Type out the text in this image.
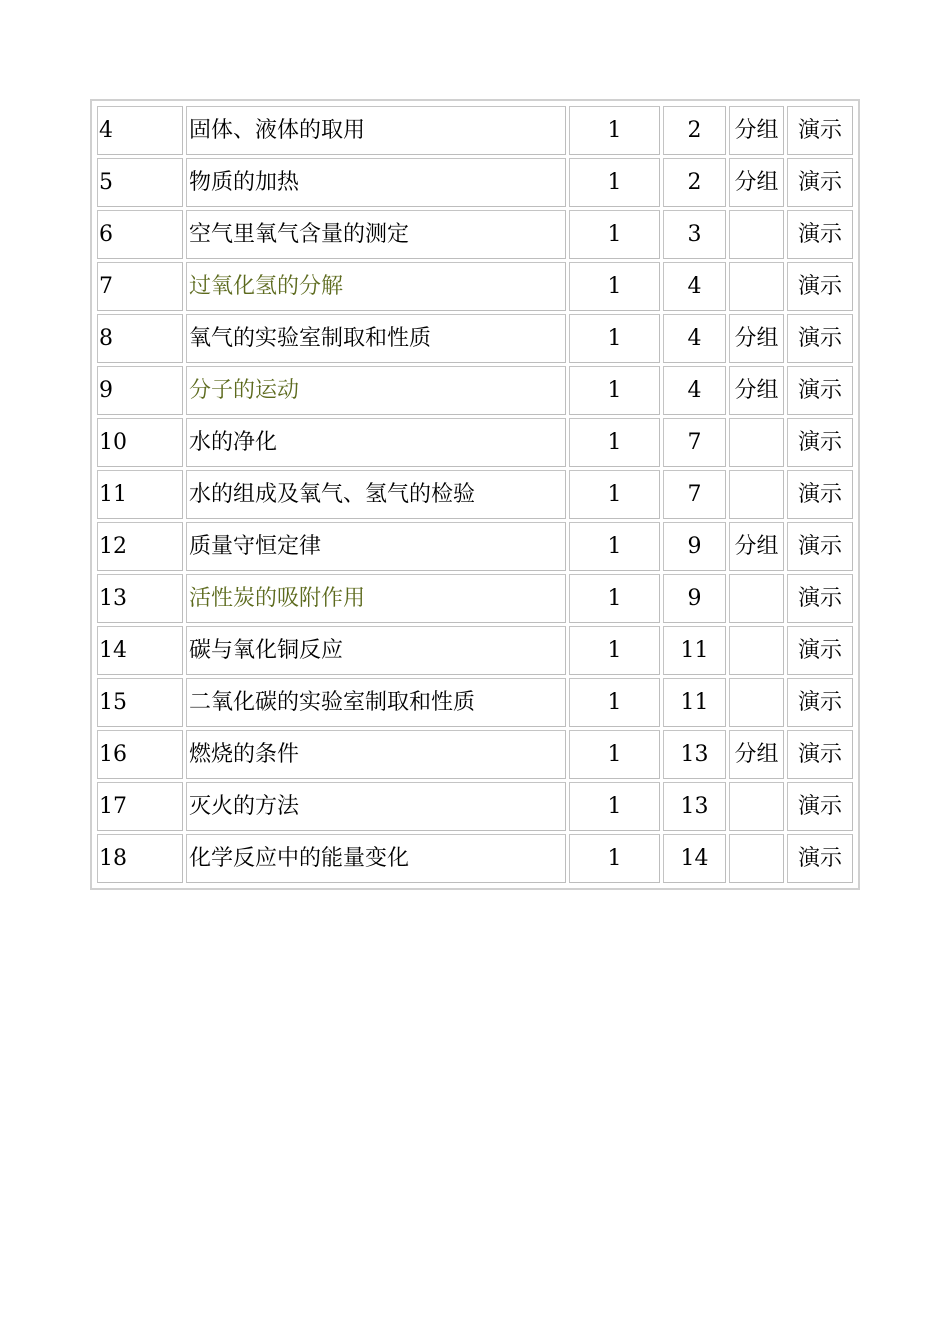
4	固体、液体的取用	1	2	分组	演示
5	物质的加热	1	2	分组	演示
6	空气里氧气含量的测定	1	3		演示
7	过氧化氢的分解	1	4		演示
8	氧气的实验室制取和性质	1	4	分组	演示
9	分子的运动	1	4	分组	演示
10	水的净化	1	7		演示
11	水的组成及氧气、氢气的检验	1	7		演示
12	质量守恒定律	1	9	分组	演示
13	活性炭的吸附作用	1	9		演示
14	碳与氧化铜反应	1	11		演示
15	二氧化碳的实验室制取和性质	1	11		演示
16	燃烧的条件	1	13	分组	演示
17	灭火的方法	1	13		演示
18	化学反应中的能量变化	1	14		演示
